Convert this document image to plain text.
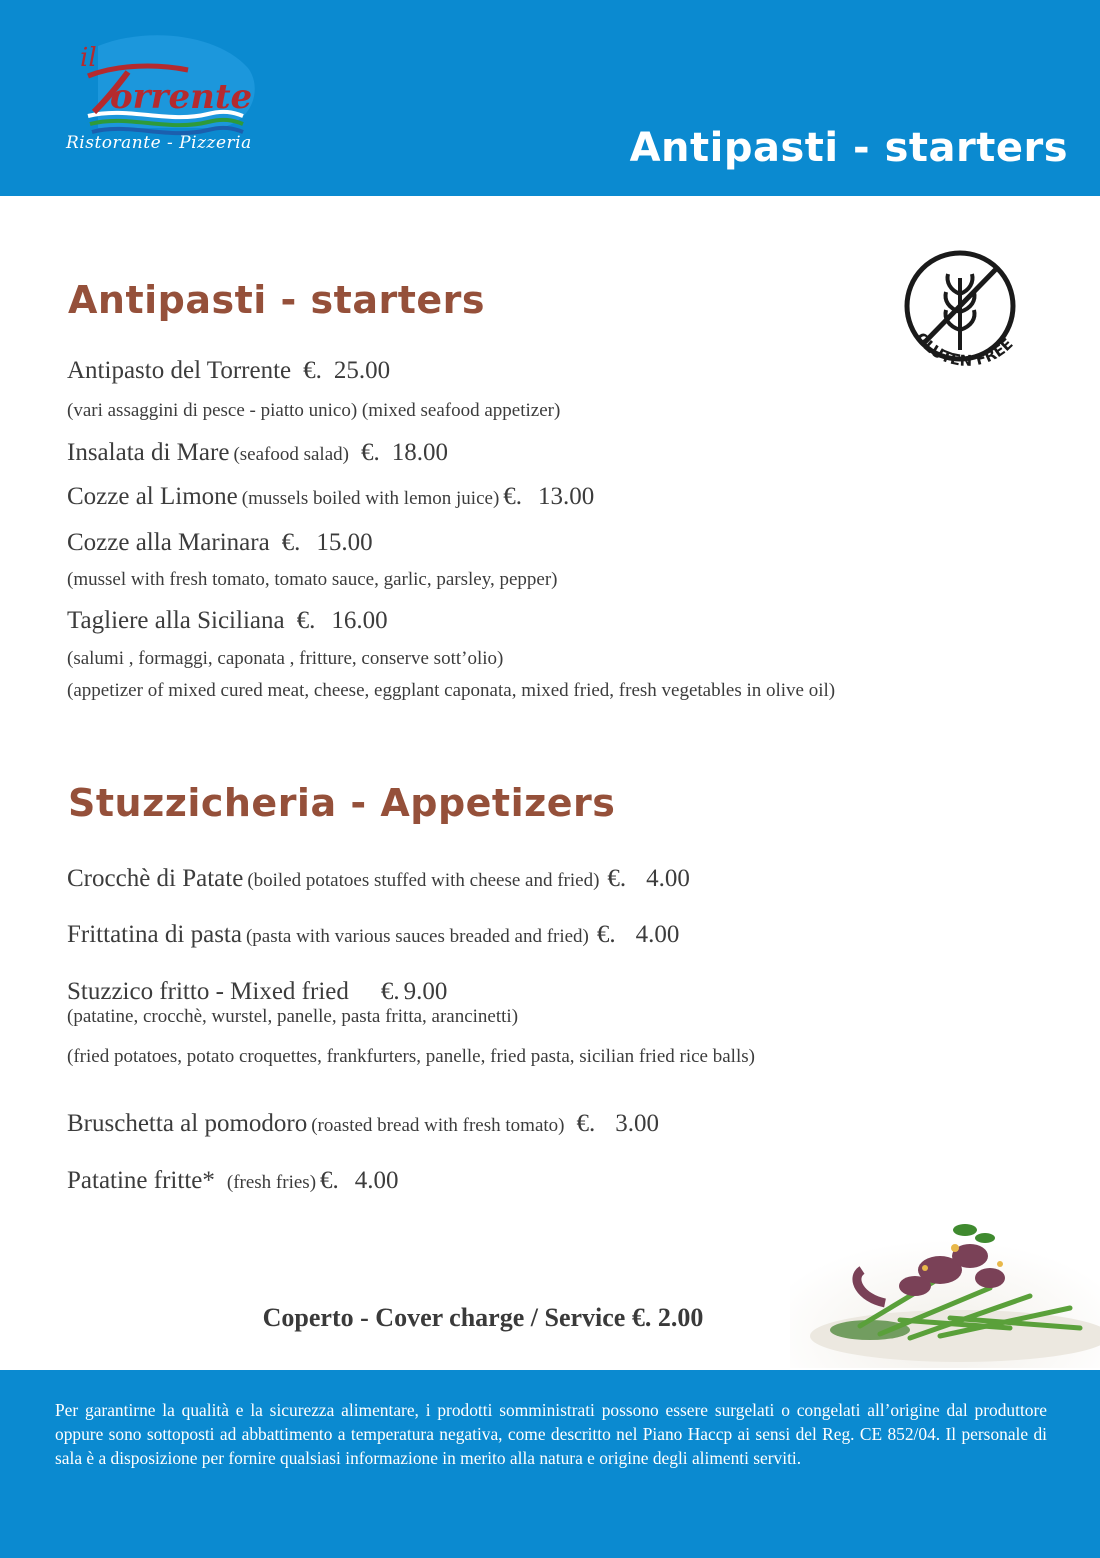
il
orrente
Ristorante - Pizzeria	Antipasti - starters
GLUTEN FREE
Antipasti - starters
Antipasto del Torrente €. 25.00
(vari assaggini di pesce - piatto unico) (mixed seafood appetizer)
Insalata di Mare (seafood salad) €. 18.00
Cozze al Limone (mussels boiled with lemon juice) €. 13.00
Cozze alla Marinara €. 15.00
(mussel with fresh tomato, tomato sauce, garlic, parsley, pepper)
Tagliere alla Siciliana €. 16.00
(salumi , formaggi, caponata , fritture, conserve sott’olio)
(appetizer of mixed cured meat, cheese, eggplant caponata, mixed fried, fresh vegetables in olive oil)
Stuzzicheria - Appetizers
Crocchè di Patate (boiled potatoes stuffed with cheese and fried) €. 4.00
Frittatina di pasta (pasta with various sauces breaded and fried) €. 4.00
Stuzzico fritto - Mixed fried €. 9.00
(patatine, crocchè, wurstel, panelle, pasta fritta, arancinetti)
(fried potatoes, potato croquettes, frankfurters, panelle, fried pasta, sicilian fried rice balls)
Bruschetta al pomodoro (roasted bread with fresh tomato) €. 3.00
Patatine fritte* (fresh fries) €. 4.00
Coperto - Cover charge / Service €. 2.00
Per garantirne la qualità e la sicurezza alimentare, i prodotti somministrati possono essere surgelati o congelati all’origine dal produttore oppure sono sottoposti ad abbattimento a temperatura negativa, come descritto nel Piano Haccp ai sensi del Reg. CE 852/04. Il personale di sala è a disposizione per fornire qualsiasi informazione in merito alla natura e origine degli alimenti serviti.
